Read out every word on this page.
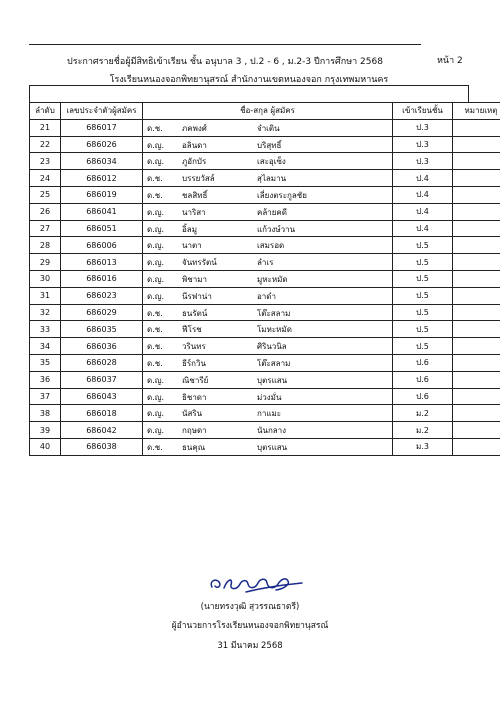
ประกาศรายชื่อผู้มีสิทธิเข้าเรียน ชั้น อนุบาล 3 , ป.2 - 6 , ม.2-3 ปีการศึกษา 2568	หน้า 2
โรงเรียนหนองจอกพิทยานุสรณ์ สำนักงานเขตหนองจอก กรุงเทพมหานคร
ลำดับ	เลขประจำตัวผู้สมัคร	ชื่อ-สกุล ผู้สมัคร	เข้าเรียนชั้น	หมายเหตุ
21	686017	ด.ช. ภคพงศ์ จำเติน	ป.3	
22	686026	ด.ญ. อลินดา บริสุทธิ์	ป.3	
23	686034	ด.ญ. ภูอักบัร เสะอุเซ็ง	ป.3	
24	686012	ด.ช. บรรยวัสล์ สุไลมาน	ป.4	
25	686019	ด.ช. ชลสิทธิ์ เลี่ยงตระกูลชัย	ป.4	
26	686041	ด.ญ. นาริสา คล้ายคดี	ป.4	
27	686051	ด.ญ. อิ้ลมู แก้วงษ์วาน	ป.4	
28	686006	ด.ญ. นาตา เสมรอด	ป.5	
29	686013	ด.ญ. จันทรรัตน์ ลำเร	ป.5	
30	686016	ด.ญ. พิชามา มูหะหมัด	ป.5	
31	686023	ด.ญ. นีรฟาน่า อาดำ	ป.5	
32	686029	ด.ช. ธนรัตน์ โต๊ะสลาม	ป.5	
33	686035	ด.ช. ฟีโรช โมหะหมัด	ป.5	
34	686036	ด.ช. วรินทร ศิรินวนิล	ป.5	
35	686028	ด.ช. ธีร์กวิน โต๊ะสลาม	ป.6	
36	686037	ด.ญ. ณิชารีย์ บุตรแสน	ป.6	
37	686043	ด.ญ. ธิชาดา ม่วงมั่น	ป.6	
38	686018	ด.ญ. นัสริน กาแมะ	ม.2	
39	686042	ด.ญ. กฤษดา นันกลาง	ม.2	
40	686038	ด.ช. ธนคุณ บุตรแสน	ม.3	
(นายทรงวุฒิ สุวรรณธาตรี)
ผู้อำนวยการโรงเรียนหนองจอกพิทยานุสรณ์
31 มีนาคม 2568
